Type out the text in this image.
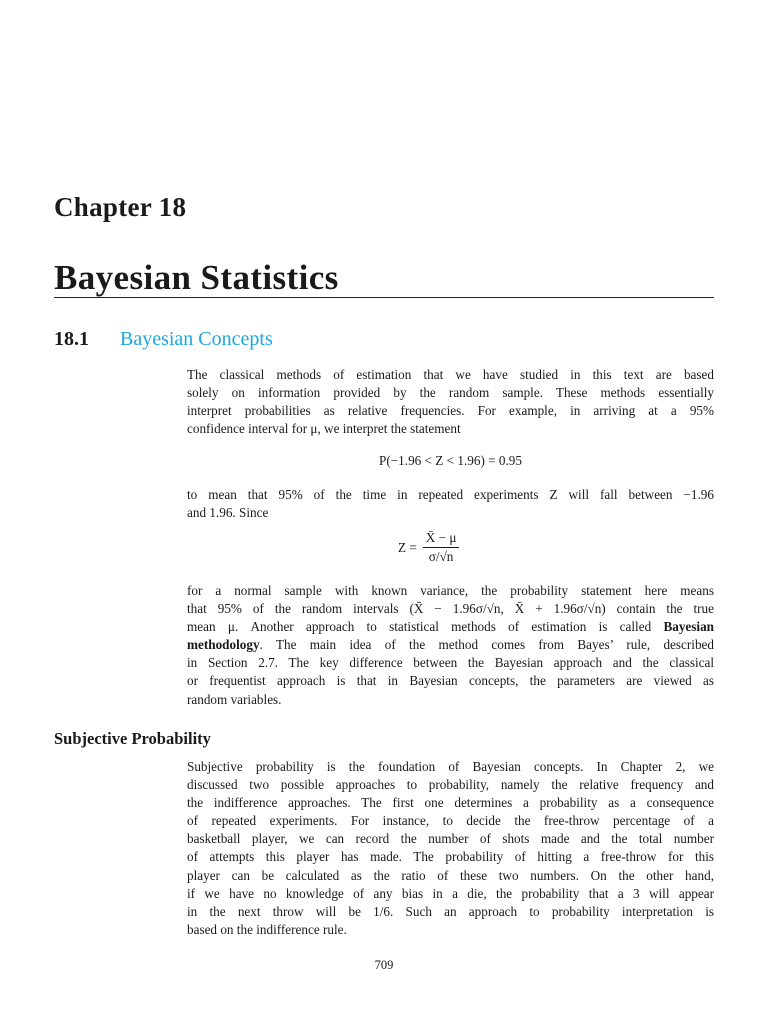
Chapter 18
Bayesian Statistics
18.1 Bayesian Concepts
The classical methods of estimation that we have studied in this text are based
solely on information provided by the random sample. These methods essentially
interpret probabilities as relative frequencies. For example, in arriving at a 95%
confidence interval for μ, we interpret the statement
P(−1.96 < Z < 1.96) = 0.95
to mean that 95% of the time in repeated experiments Z will fall between −1.96
and 1.96. Since
$Z = \frac{X̄ - \mu}{\sigma/√n}$
for a normal sample with known variance, the probability statement here means
that 95% of the random intervals (X̄ − 1.96σ/√n, X̄ + 1.96σ/√n) contain the true
mean μ. Another approach to statistical methods of estimation is called Bayesian
methodology. The main idea of the method comes from Bayes’ rule, described
in Section 2.7. The key difference between the Bayesian approach and the classical
or frequentist approach is that in Bayesian concepts, the parameters are viewed as
random variables.
Subjective Probability
Subjective probability is the foundation of Bayesian concepts. In Chapter 2, we
discussed two possible approaches to probability, namely the relative frequency and
the indifference approaches. The first one determines a probability as a consequence
of repeated experiments. For instance, to decide the free-throw percentage of a
basketball player, we can record the number of shots made and the total number
of attempts this player has made. The probability of hitting a free-throw for this
player can be calculated as the ratio of these two numbers. On the other hand,
if we have no knowledge of any bias in a die, the probability that a 3 will appear
in the next throw will be 1/6. Such an approach to probability interpretation is
based on the indifference rule.
709
